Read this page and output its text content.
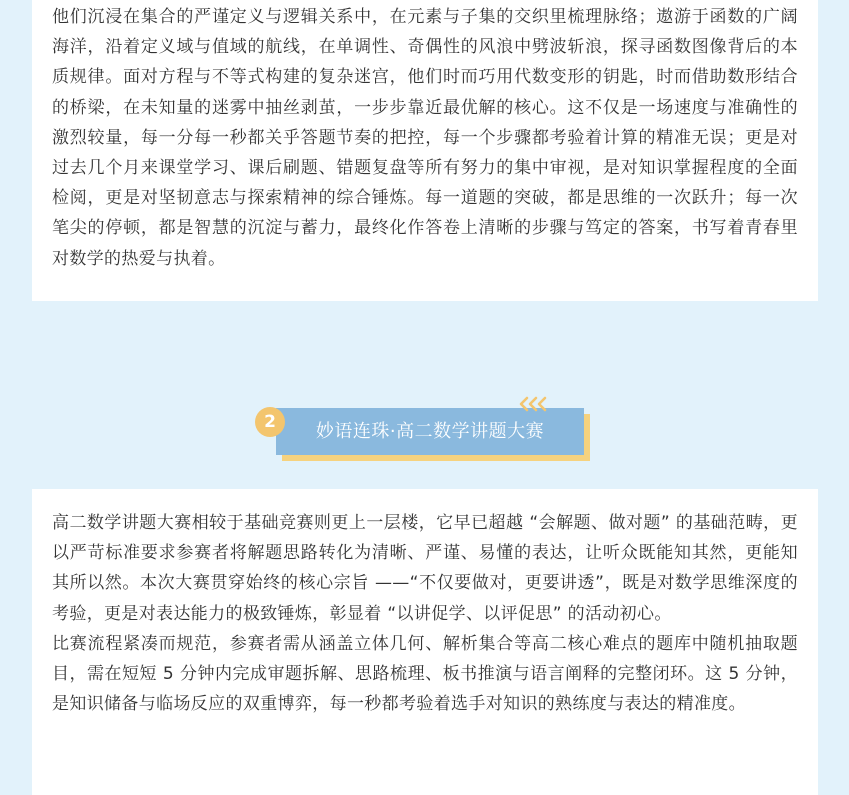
他们沉浸在集合的严谨定义与逻辑关系中，在元素与子集的交织里梳理脉络；遨游于函数的广阔海洋，沿着定义域与值域的航线，在单调性、奇偶性的风浪中劈波斩浪，探寻函数图像背后的本质规律。面对方程与不等式构建的复杂迷宫，他们时而巧用代数变形的钥匙，时而借助数形结合的桥梁，在未知量的迷雾中抽丝剥茧，一步步靠近最优解的核心。这不仅是一场速度与准确性的激烈较量，每一分每一秒都关乎答题节奏的把控，每一个步骤都考验着计算的精准无误；更是对过去几个月来课堂学习、课后刷题、错题复盘等所有努力的集中审视，是对知识掌握程度的全面检阅，更是对坚韧意志与探索精神的综合锤炼。每一道题的突破，都是思维的一次跃升；每一次笔尖的停顿，都是智慧的沉淀与蓄力，最终化作答卷上清晰的步骤与笃定的答案，书写着青春里对数学的热爱与执着。

妙语连珠·高二数学讲题大赛
2

高二数学讲题大赛相较于基础竞赛则更上一层楼，它早已超越 “会解题、做对题” 的基础范畴，更以严苛标准要求参赛者将解题思路转化为清晰、严谨、易懂的表达，让听众既能知其然，更能知其所以然。本次大赛贯穿始终的核心宗旨 ——“不仅要做对，更要讲透”，既是对数学思维深度的考验，更是对表达能力的极致锤炼，彰显着 “以讲促学、以评促思” 的活动初心。

比赛流程紧凑而规范，参赛者需从涵盖立体几何、解析集合等高二核心难点的题库中随机抽取题目，需在短短 5 分钟内完成审题拆解、思路梳理、板书推演与语言阐释的完整闭环。这 5 分钟，是知识储备与临场反应的双重博弈，每一秒都考验着选手对知识的熟练度与表达的精准度。
